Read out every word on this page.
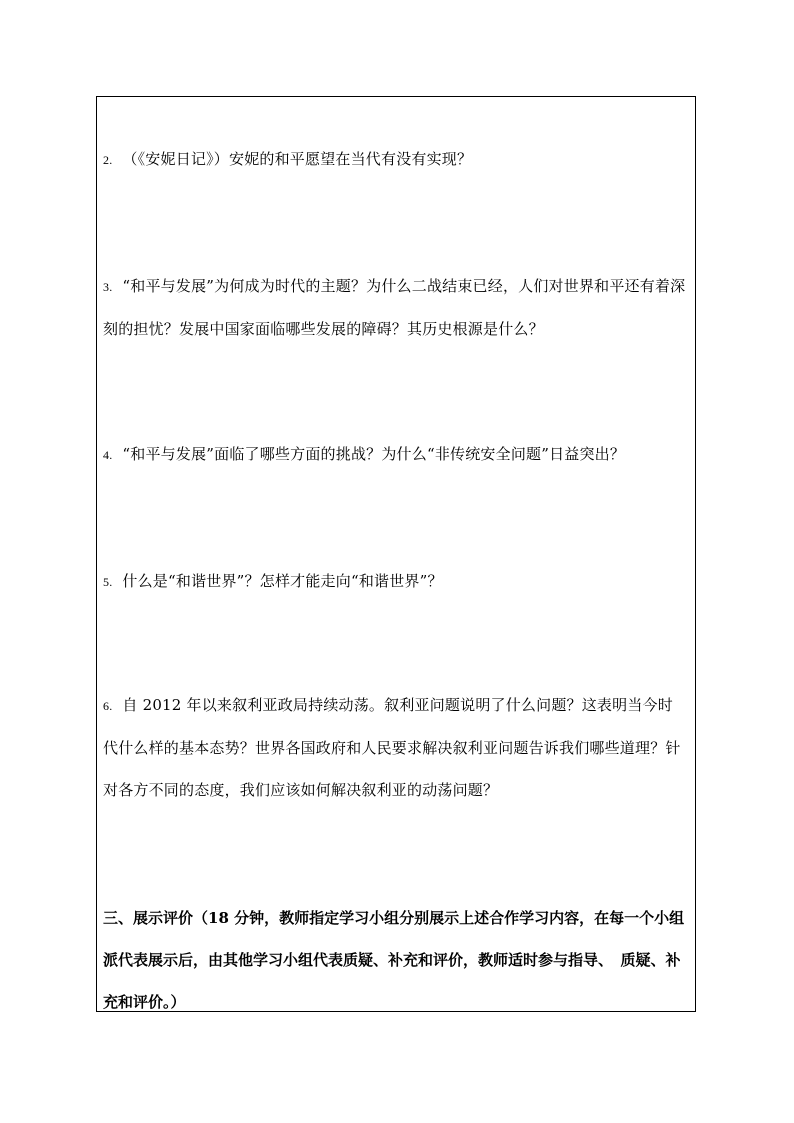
2. （《安妮日记》）安妮的和平愿望在当代有没有实现？

3. “和平与发展”为何成为时代的主题？为什么二战结束已经，人们对世界和平还有着深刻的担忧？发展中国家面临哪些发展的障碍？其历史根源是什么？

4. “和平与发展”面临了哪些方面的挑战？为什么“非传统安全问题”日益突出？

5. 什么是“和谐世界”？怎样才能走向“和谐世界”？

6. 自 2012 年以来叙利亚政局持续动荡。叙利亚问题说明了什么问题？这表明当今时代什么样的基本态势？世界各国政府和人民要求解决叙利亚问题告诉我们哪些道理？针对各方不同的态度，我们应该如何解决叙利亚的动荡问题？

三、展示评价（18 分钟，教师指定学习小组分别展示上述合作学习内容，在每一个小组派代表展示后，由其他学习小组代表质疑、补充和评价，教师适时参与指导、　质疑、补充和评价。）
